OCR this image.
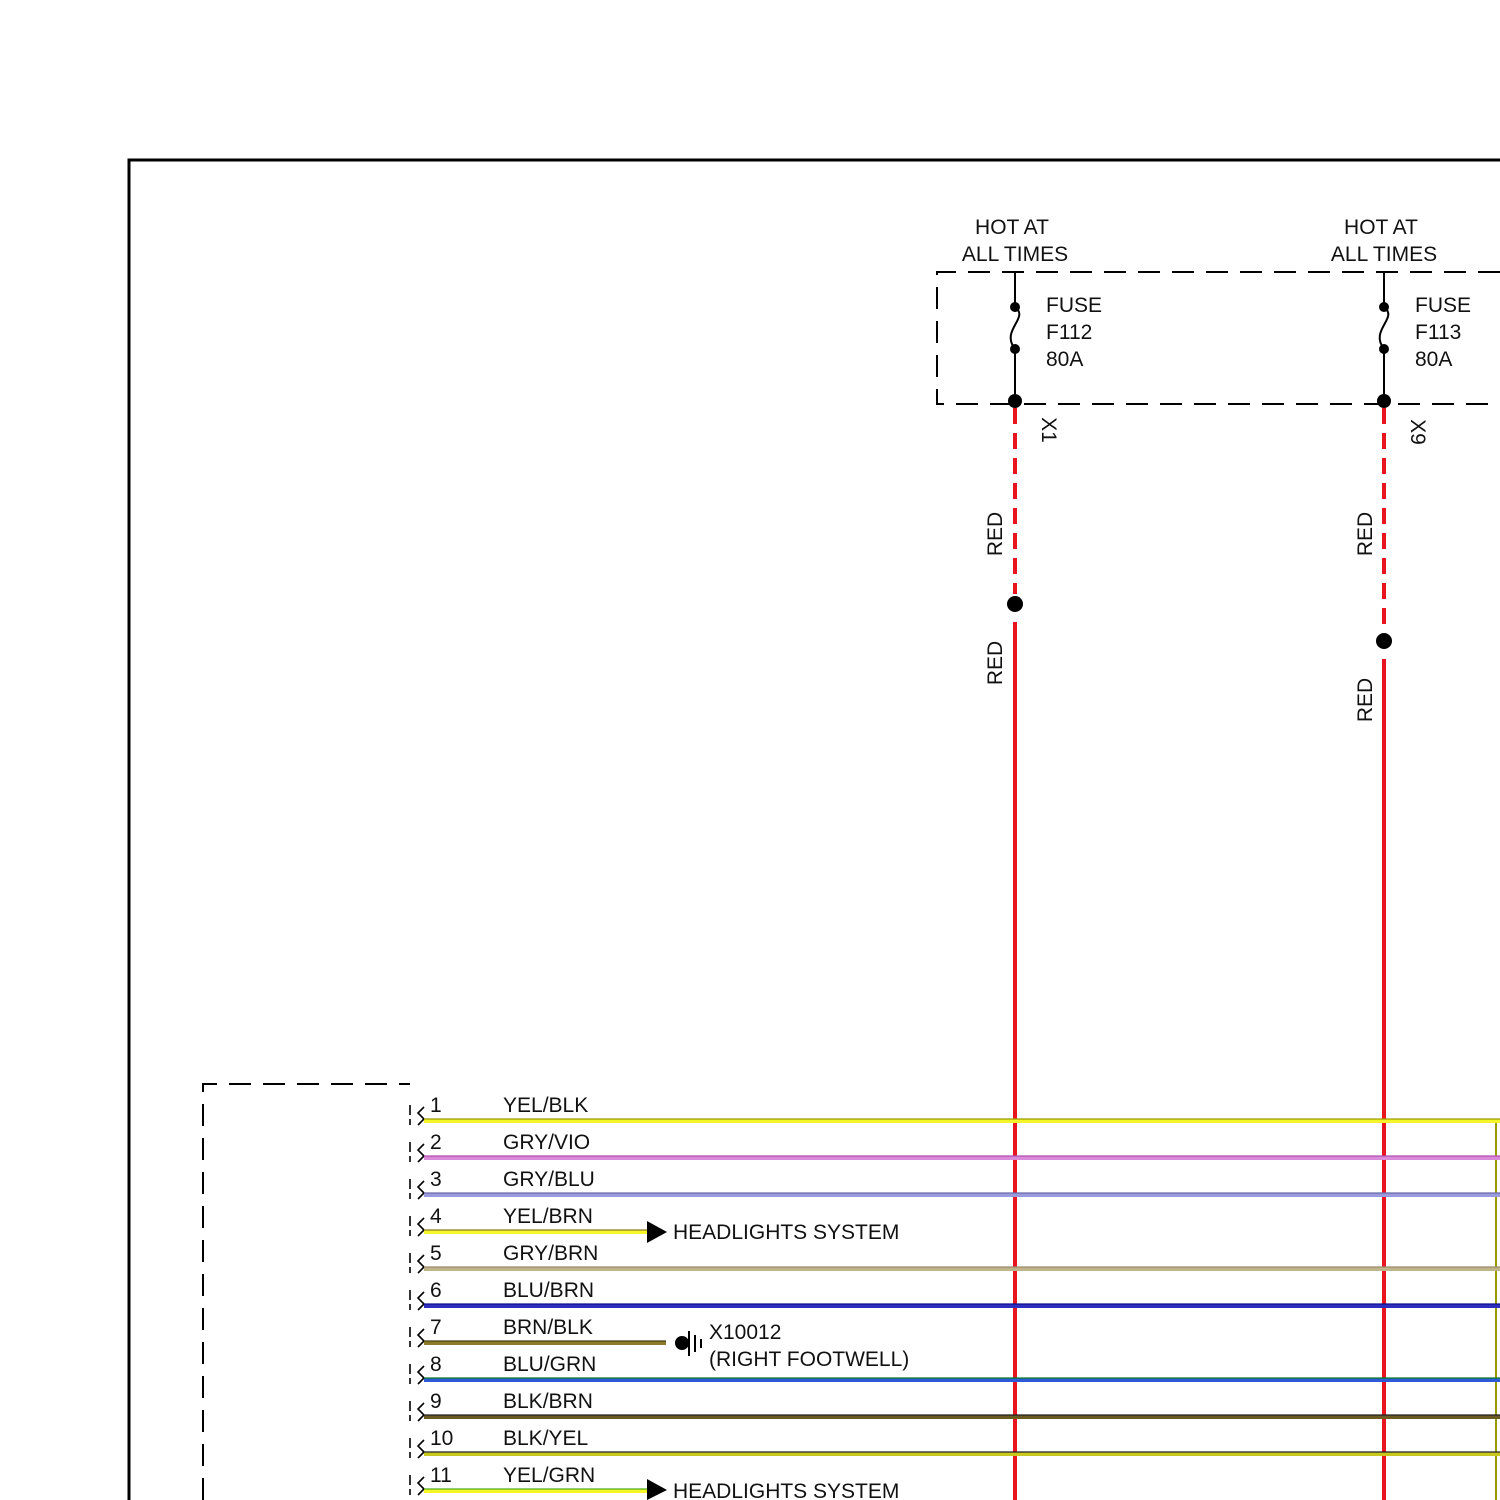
HOT AT
ALL TIMES
FUSE
F112
80A
X1
HOT AT
ALL TIMES
FUSE
F113
80A
X9
RED
RED
RED
RED
1	YEL/BLK
2	GRY/VIO
3	GRY/BLU
4	YEL/BRN
5	GRY/BRN
6	BLU/BRN
7	BRN/BLK
8	BLU/GRN
9	BLK/BRN
10 BLK/YEL
11 YEL/GRN
HEADLIGHTS SYSTEM
HEADLIGHTS SYSTEM
X10012
(RIGHT FOOTWELL)
